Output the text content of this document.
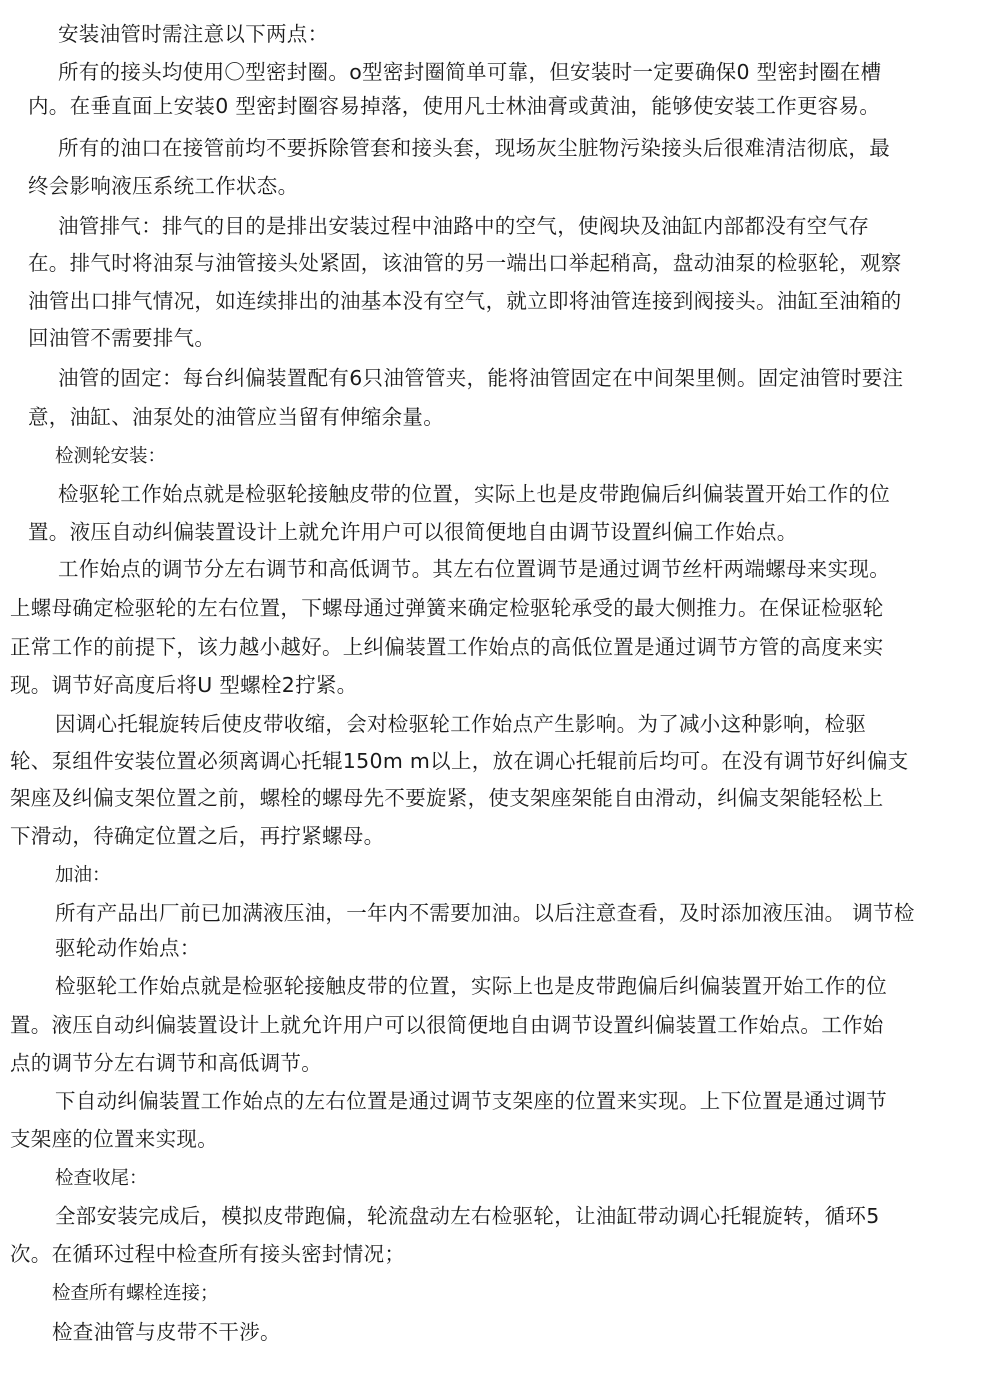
安装油管时需注意以下两点：
所有的接头均使用〇型密封圈。o型密封圈简单可靠，但安装时一定要确保0 型密封圈在槽
内。在垂直面上安装0 型密封圈容易掉落，使用凡士林油膏或黄油，能够使安装工作更容易。
所有的油口在接管前均不要拆除管套和接头套，现场灰尘脏物污染接头后很难清洁彻底，最
终会影响液压系统工作状态。
油管排气：排气的目的是排出安装过程中油路中的空气，使阀块及油缸内部都没有空气存
在。排气时将油泵与油管接头处紧固，该油管的另一端出口举起稍高，盘动油泵的检驱轮，观察
油管出口排气情况，如连续排出的油基本没有空气，就立即将油管连接到阀接头。油缸至油箱的
回油管不需要排气。
油管的固定：每台纠偏装置配有6只油管管夹，能将油管固定在中间架里侧。固定油管时要注
意，油缸、油泵处的油管应当留有伸缩余量。
检测轮安装：
检驱轮工作始点就是检驱轮接触皮带的位置，实际上也是皮带跑偏后纠偏装置开始工作的位
置。液压自动纠偏装置设计上就允许用户可以很简便地自由调节设置纠偏工作始点。
工作始点的调节分左右调节和高低调节。其左右位置调节是通过调节丝杆两端螺母来实现。
上螺母确定检驱轮的左右位置，下螺母通过弹簧来确定检驱轮承受的最大侧推力。在保证检驱轮
正常工作的前提下，该力越小越好。上纠偏装置工作始点的高低位置是通过调节方管的高度来实
现。调节好高度后将U 型螺栓2拧紧。
因调心托辊旋转后使皮带收缩，会对检驱轮工作始点产生影响。为了减小这种影响，检驱
轮、泵组件安装位置必须离调心托辊150m m以上，放在调心托辊前后均可。在没有调节好纠偏支
架座及纠偏支架位置之前，螺栓的螺母先不要旋紧，使支架座架能自由滑动，纠偏支架能轻松上
下滑动，待确定位置之后，再拧紧螺母。
加油：
所有产品出厂前已加满液压油，一年内不需要加油。以后注意查看，及时添加液压油。 调节检
驱轮动作始点：
检驱轮工作始点就是检驱轮接触皮带的位置，实际上也是皮带跑偏后纠偏装置开始工作的位
置。液压自动纠偏装置设计上就允许用户可以很简便地自由调节设置纠偏装置工作始点。工作始
点的调节分左右调节和高低调节。
下自动纠偏装置工作始点的左右位置是通过调节支架座的位置来实现。上下位置是通过调节
支架座的位置来实现。
检查收尾：
全部安装完成后，模拟皮带跑偏，轮流盘动左右检驱轮，让油缸带动调心托辊旋转，循环5
次。在循环过程中检查所有接头密封情况；
检查所有螺栓连接；
检查油管与皮带不干涉。
